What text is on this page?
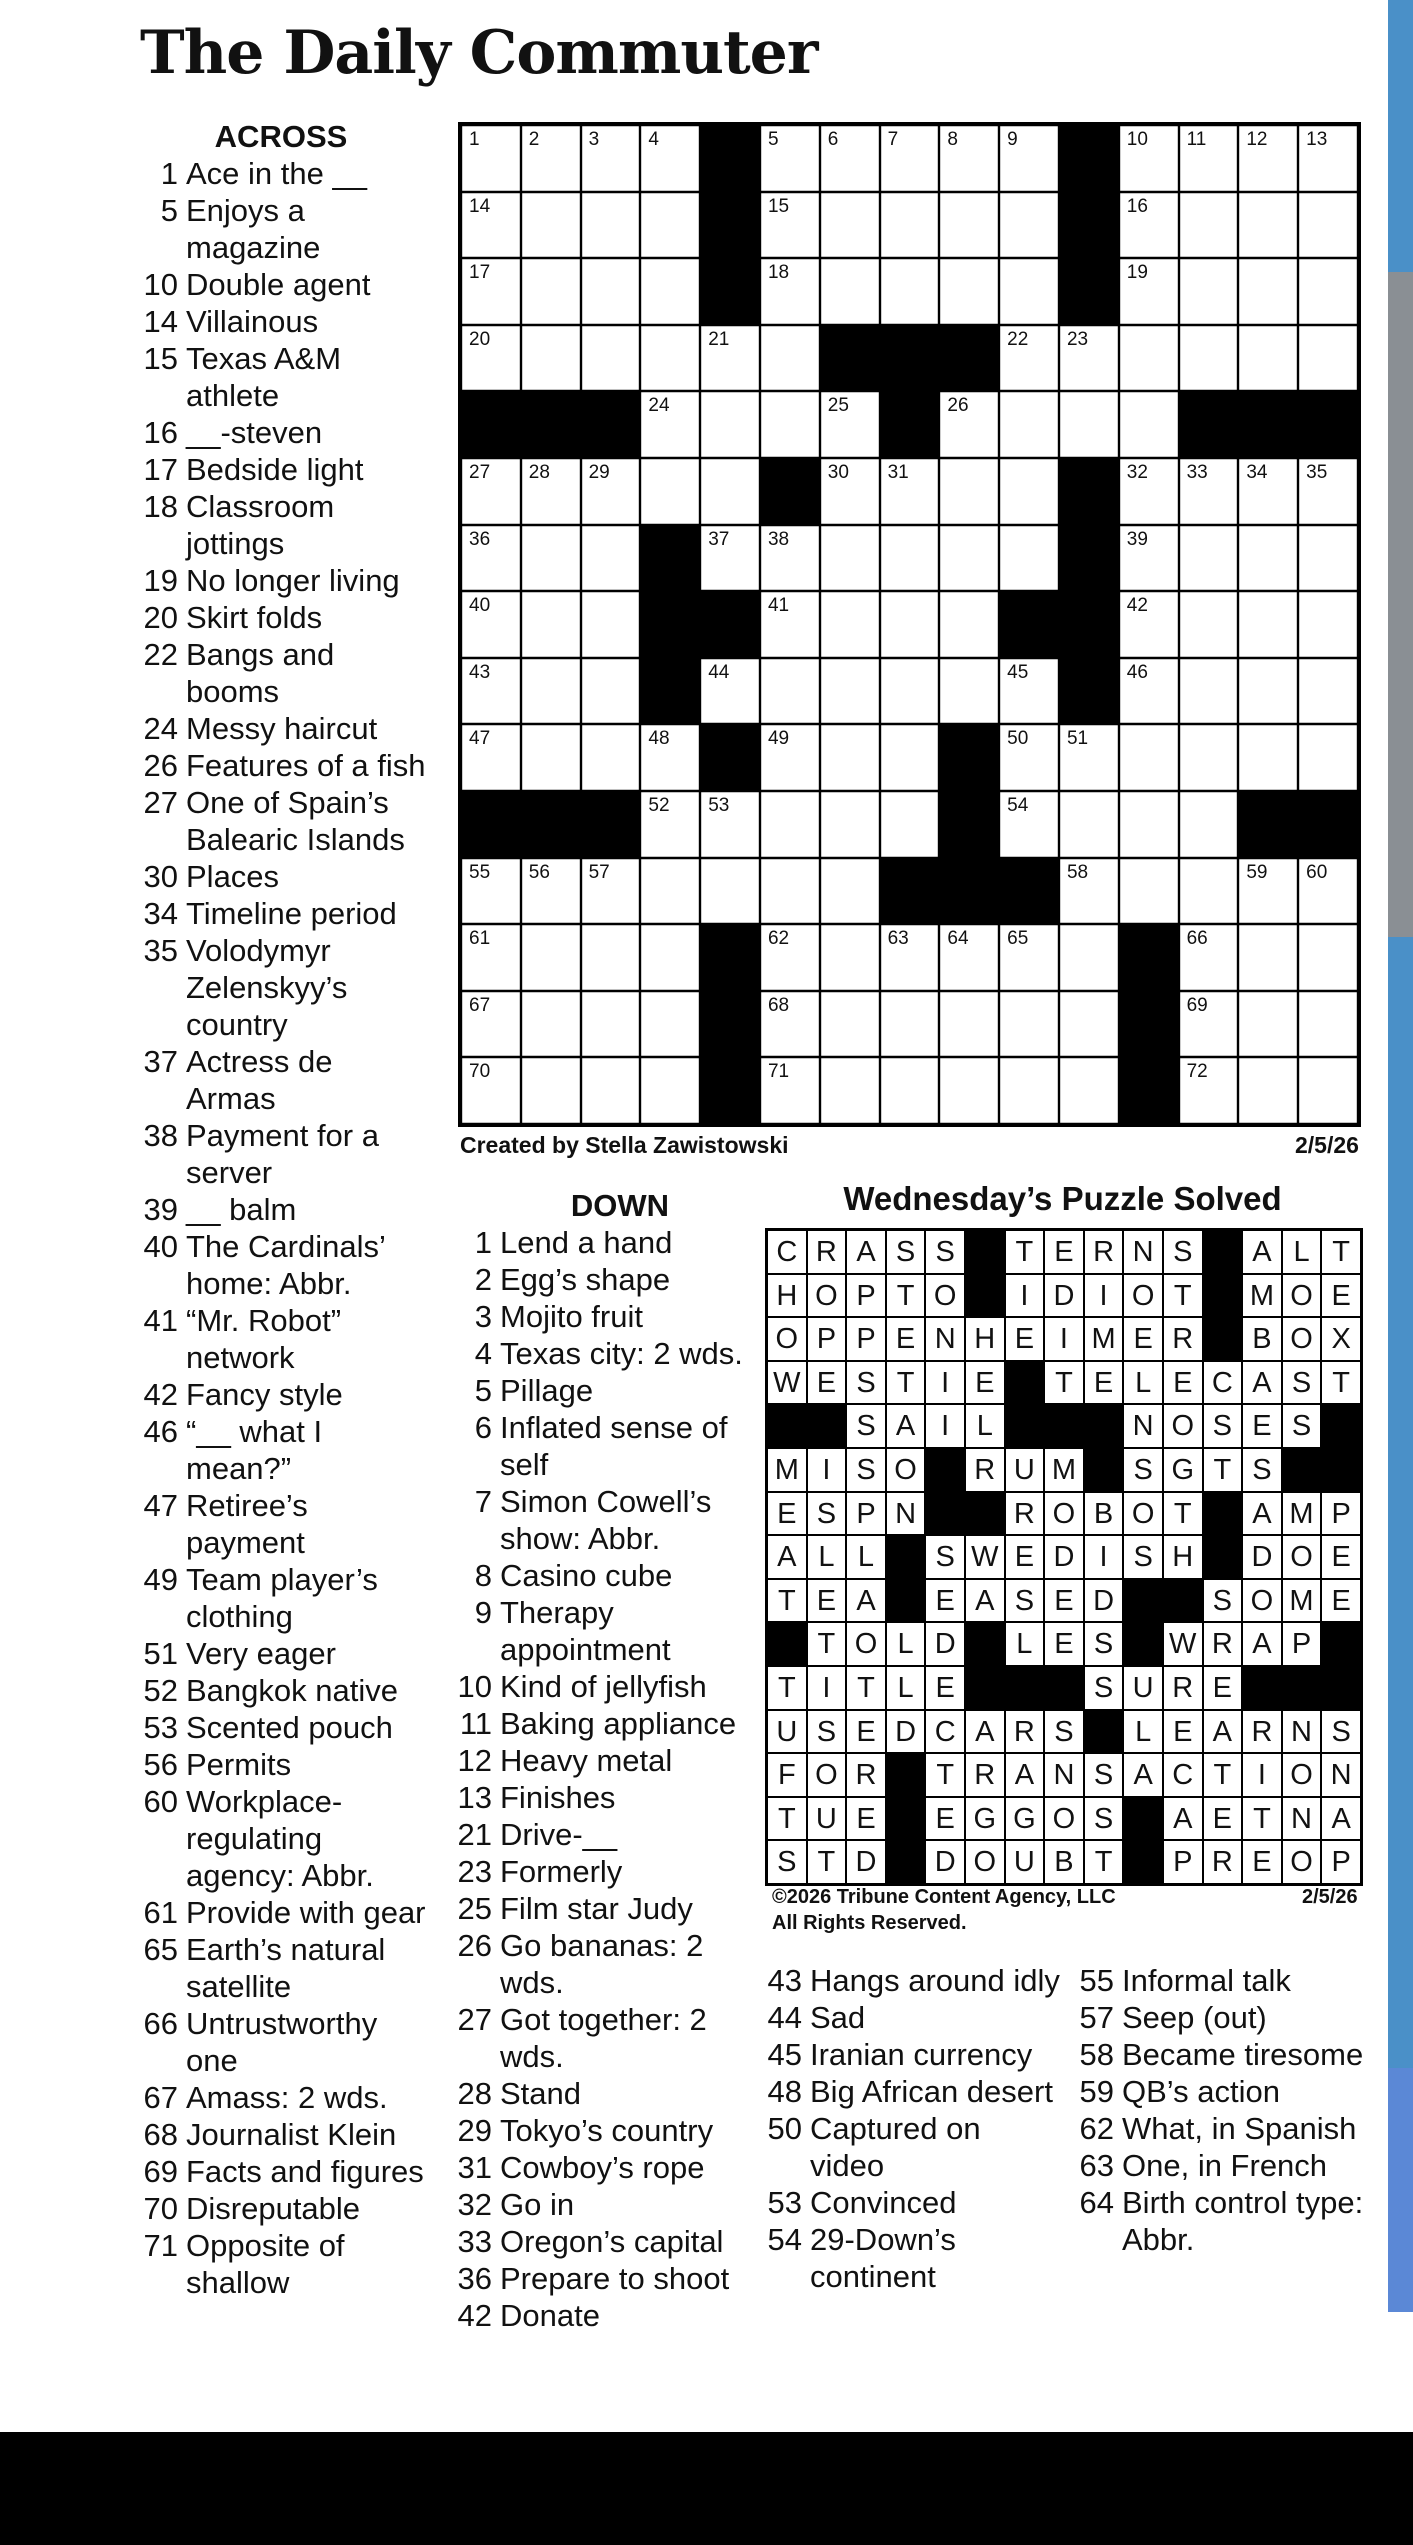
The Daily Commuter
ACROSS
1 Ace in the __
5 Enjoys a magazine
10 Double agent
14 Villainous
15 Texas A&M athlete
16 __-steven
17 Bedside light
18 Classroom jottings
19 No longer living
20 Skirt folds
22 Bangs and booms
24 Messy haircut
26 Features of a fish
27 One of Spain’s Balearic Islands
30 Places
34 Timeline period
35 Volodymyr Zelenskyy’s country
37 Actress de Armas
38 Payment for a server
39 __ balm
40 The Cardinals’ home: Abbr.
41 “Mr. Robot” network
42 Fancy style
46 “__ what I mean?”
47 Retiree’s payment
49 Team player’s clothing
51 Very eager
52 Bangkok native
53 Scented pouch
56 Permits
60 Workplace-regulating agency: Abbr.
61 Provide with gear
65 Earth’s natural satellite
66 Untrustworthy one
67 Amass: 2 wds.
68 Journalist Klein
69 Facts and figures
70 Disreputable
71 Opposite of shallow
1	2	3	4	5	6	7	8	9	10 11 12 13
14	15	16
17	18	19
20	21	22 23
24	25	26
27 28 29	30 31	32 33 34 35
36	37 38	39
40	41	42
43	44	45	46
47	48	49	50 51
52 53	54
55 56 57	58	59 60
61	62	63 64 65	66
67	68	69
70	71	72
Created by Stella Zawistowski	2/5/26
DOWN
1 Lend a hand
2 Egg’s shape
3 Mojito fruit
4 Texas city: 2 wds.
5 Pillage
6 Inflated sense of self
7 Simon Cowell’s show: Abbr.
8 Casino cube
9 Therapy appointment
10 Kind of jellyfish
11 Baking appliance
12 Heavy metal
13 Finishes
21 Drive-__
23 Formerly
25 Film star Judy
26 Go bananas: 2 wds.
27 Got together: 2 wds.
28 Stand
29 Tokyo’s country
31 Cowboy’s rope
32 Go in
33 Oregon’s capital
36 Prepare to shoot
42 Donate
Wednesday’s Puzzle Solved
C R A S S	T E R N S	A L T
H O P T O	I D I O T	M O E
O P P E N H E I M E R	B O X
W E S T I E	T E L E C A S T
S A I L	N O S E S
M I S O	R U M	S G T S
E S P N	R O B O T	A M P
A L L	S W E D I S H	D O E
T E A	E A S E D	S O M E
T O L D	L E S	W R A P
T I T L E	S U R E
U S E D C A R S	L E A R N S
F O R	T R A N S A C T I O N
T U E	E G G O S	A E T N A
S T D	D O U B T	P R E O P
©2026 Tribune Content Agency, LLC
All Rights Reserved.
2/5/26
43 Hangs around idly
44 Sad
45 Iranian currency
48 Big African desert
50 Captured on video
53 Convinced
54 29-Down’s continent
55 Informal talk
57 Seep (out)
58 Became tiresome
59 QB’s action
62 What, in Spanish
63 One, in French
64 Birth control type: Abbr.
